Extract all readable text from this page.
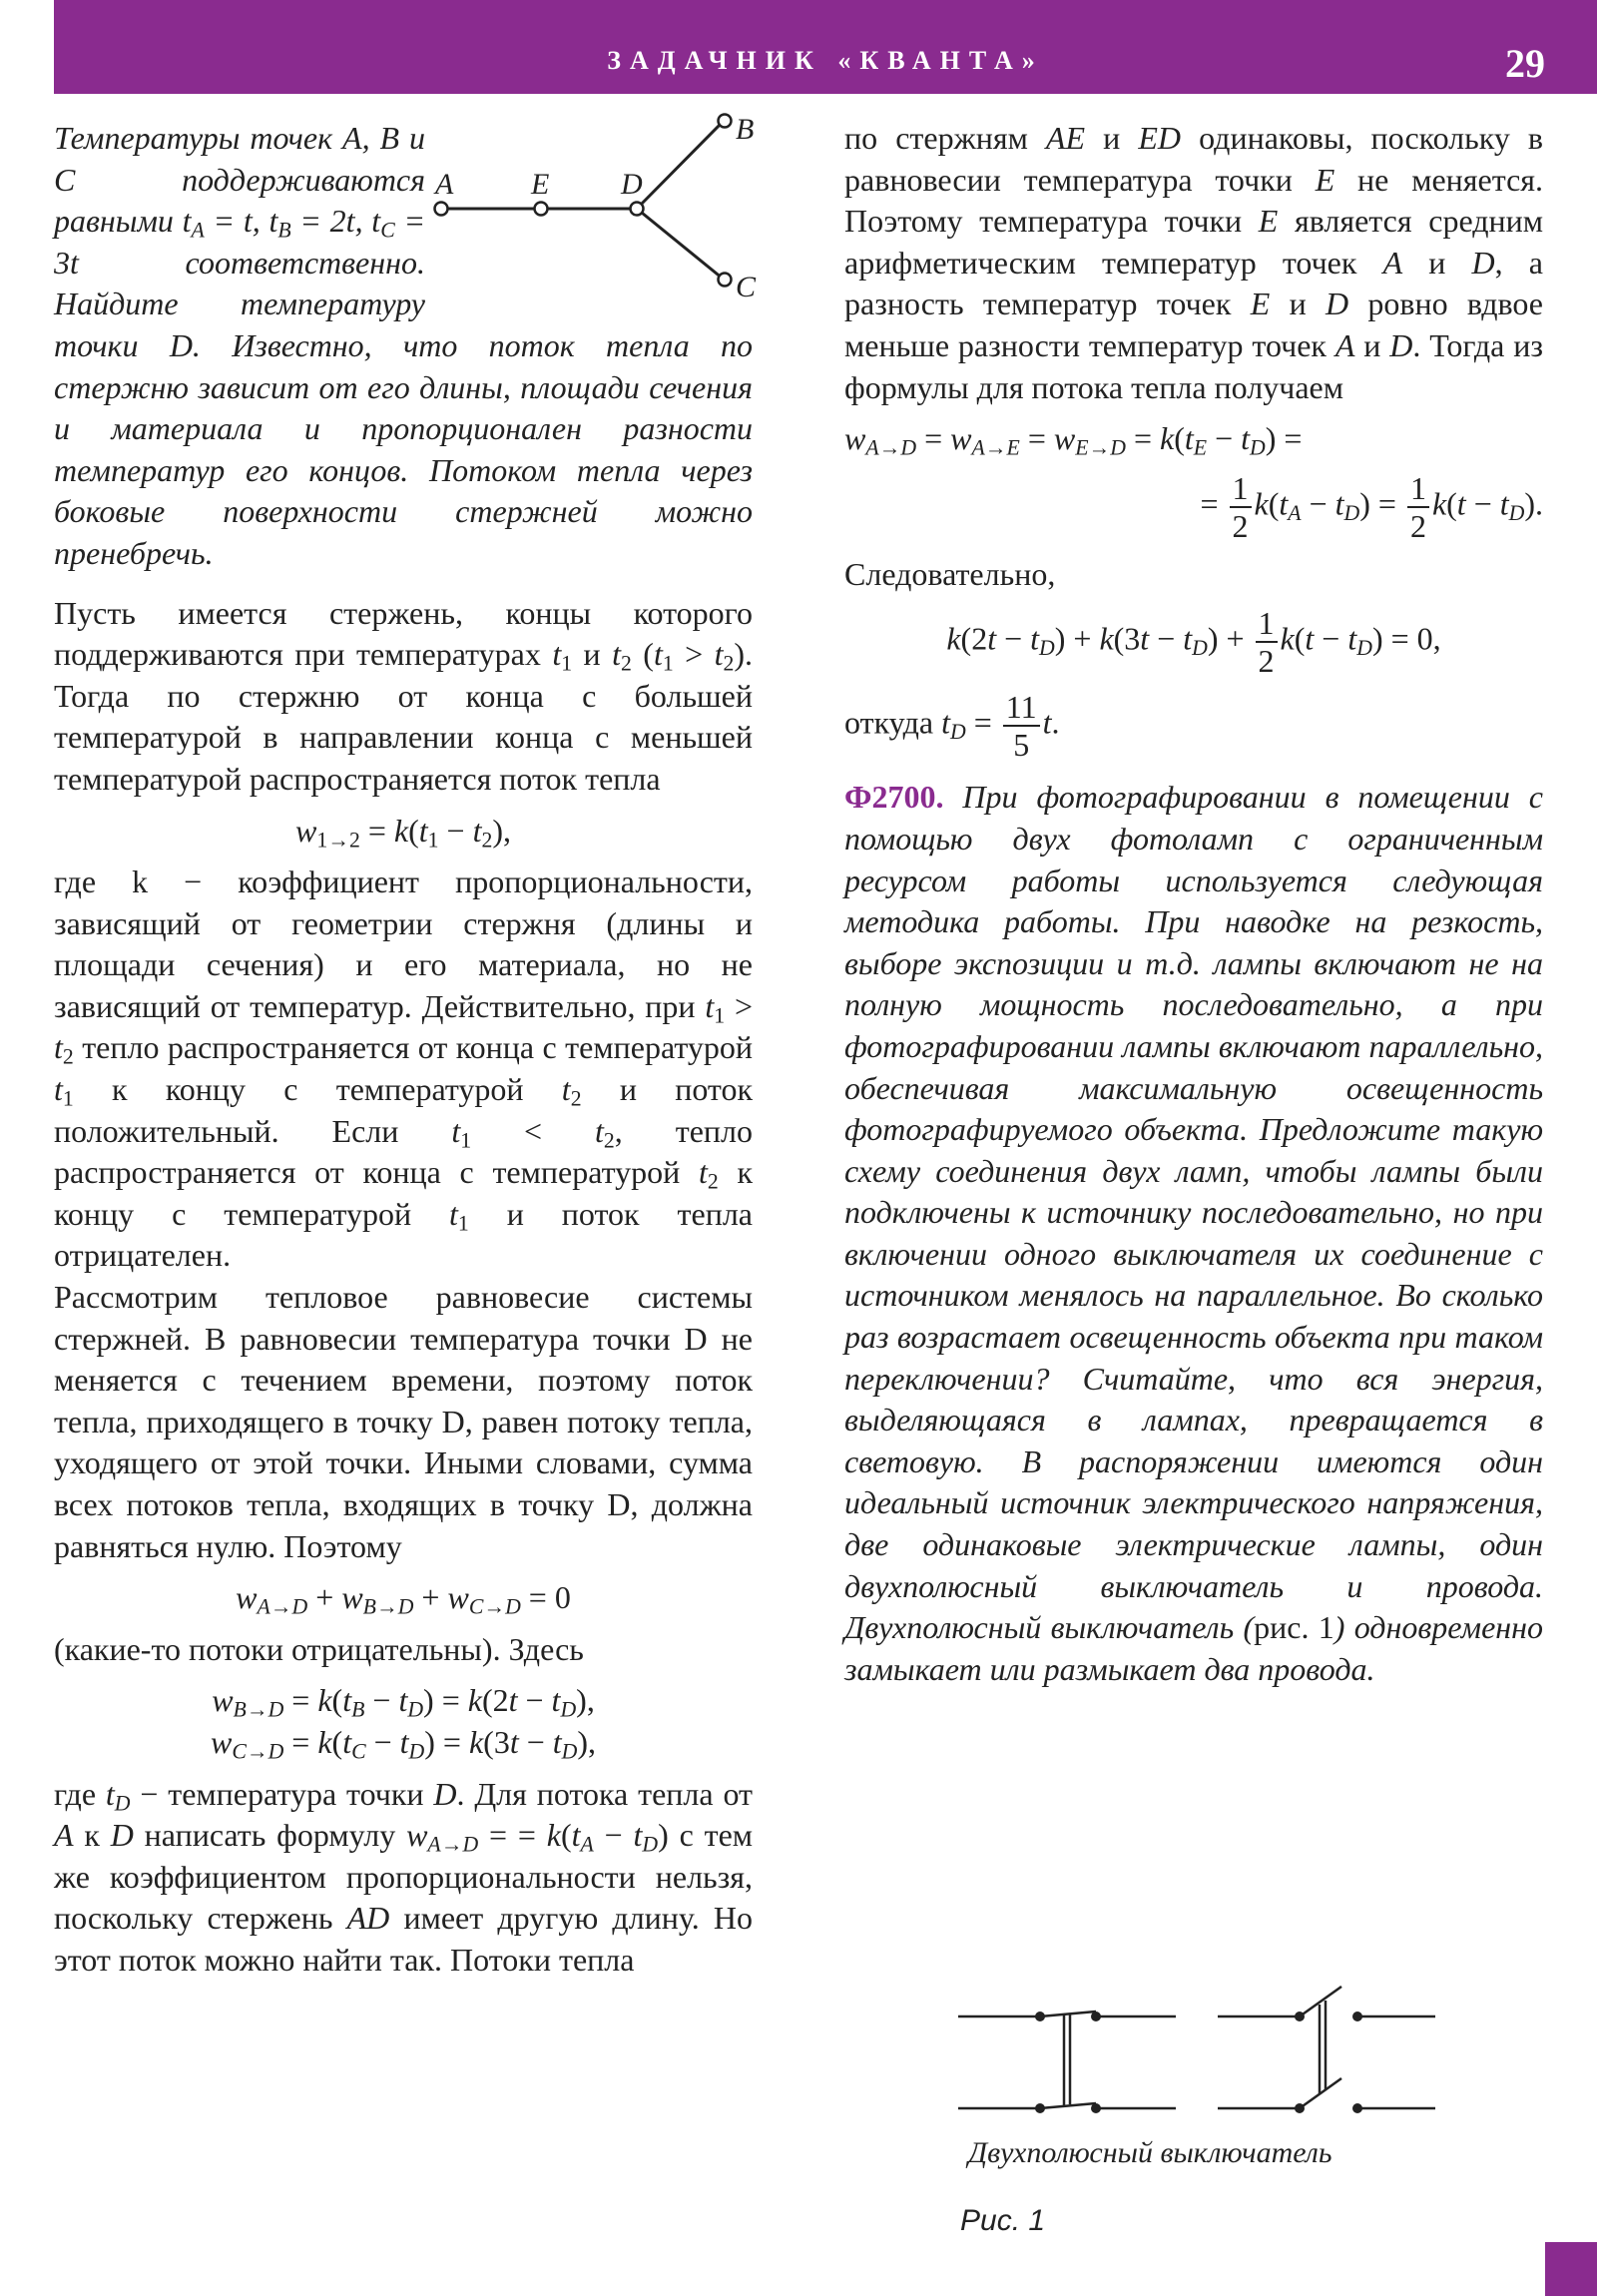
ЗАДАЧНИК «КВАНТА»	29
A	E D
B
C

Температуры точек A, B и C поддерживаются равными $t_A = t$, $t_B = 2t$, $t_C = 3t$ соответственно. Найдите температуру точки D. Известно, что поток тепла по стержню зависит от его длины, площади сечения и материала и пропорционален разности температур его концов. Потоком тепла через боковые поверхности стержней можно пренебречь.

Пусть имеется стержень, концы которого поддерживаются при температурах $t_1$ и $t_2$ $(t_1 > t_2)$. Тогда по стержню от конца с большей температурой в направлении конца с меньшей температурой распространяется поток тепла

$w_{1\to 2} = k(t_1 - t_2)$,

где k − коэффициент пропорциональности, зависящий от геометрии стержня (длины и площади сечения) и его материала, но не зависящий от температур. Действительно, при $t_1 > t_2$ тепло распространяется от конца с температурой $t_1$ к концу с температурой $t_2$ и поток положительный. Если $t_1 < t_2$, тепло распространяется от конца с температурой $t_2$ к концу с температурой $t_1$ и поток тепла отрицателен.

Рассмотрим тепловое равновесие системы стержней. В равновесии температура точки D не меняется с течением времени, поэтому поток тепла, приходящего в точку D, равен потоку тепла, уходящего от этой точки. Иными словами, сумма всех потоков тепла, входящих в точку D, должна равняться нулю. Поэтому

$w_{A\to D} + w_{B\to D} + w_{C\to D} = 0$

(какие-то потоки отрицательны). Здесь

$w_{B\to D} = k(t_B - t_D) = k(2t - t_D)$,
$w_{C\to D} = k(t_C - t_D) = k(3t - t_D)$,

где $t_D$ − температура точки D. Для потока тепла от A к D написать формулу $w_{A\to D}$ = = $k(t_A - t_D)$ с тем же коэффициентом пропорциональности нельзя, поскольку стержень AD имеет другую длину. Но этот поток можно найти так. Потоки тепла

по стержням AE и ED одинаковы, поскольку в равновесии температура точки E не меняется. Поэтому температура точки E является средним арифметическим температур точек A и D, а разность температур точек E и D ровно вдвое меньше разности температур точек A и D. Тогда из формулы для потока тепла получаем

$w_{A\to D} = w_{A\to E} = w_{E\to D} = k(t_E - t_D)$ =
= $\frac{1}{2} k(t_A - t_D) = \frac{1}{2} k(t - t_D)$.

Следовательно,

$k(2t - t_D) + k(3t - t_D) + \frac{1}{2} k(t - t_D) = 0$,

откуда $t_D = \frac{11}{5} t$.

Ф2700. При фотографировании в помещении с помощью двух фотоламп с ограниченным ресурсом работы используется следующая методика работы. При наводке на резкость, выборе экспозиции и т.д. лампы включают не на полную мощность последовательно, а при фотографировании лампы включают параллельно, обеспечивая максимальную освещенность фотографируемого объекта. Предложите такую схему соединения двух ламп, чтобы лампы были подключены к источнику последовательно, но при включении одного выключателя их соединение с источником менялось на параллельное. Во сколько раз возрастает освещенность объекта при таком переключении? Считайте, что вся энергия, выделяющаяся в лампах, превращается в световую. В распоряжении имеются один идеальный источник электрического напряжения, две одинаковые электрические лампы, один двухполюсный выключатель и провода. Двухполюсный выключатель (рис. 1) одновременно замыкает или размыкает два провода.

Двухполюсный выключатель
Рис. 1
